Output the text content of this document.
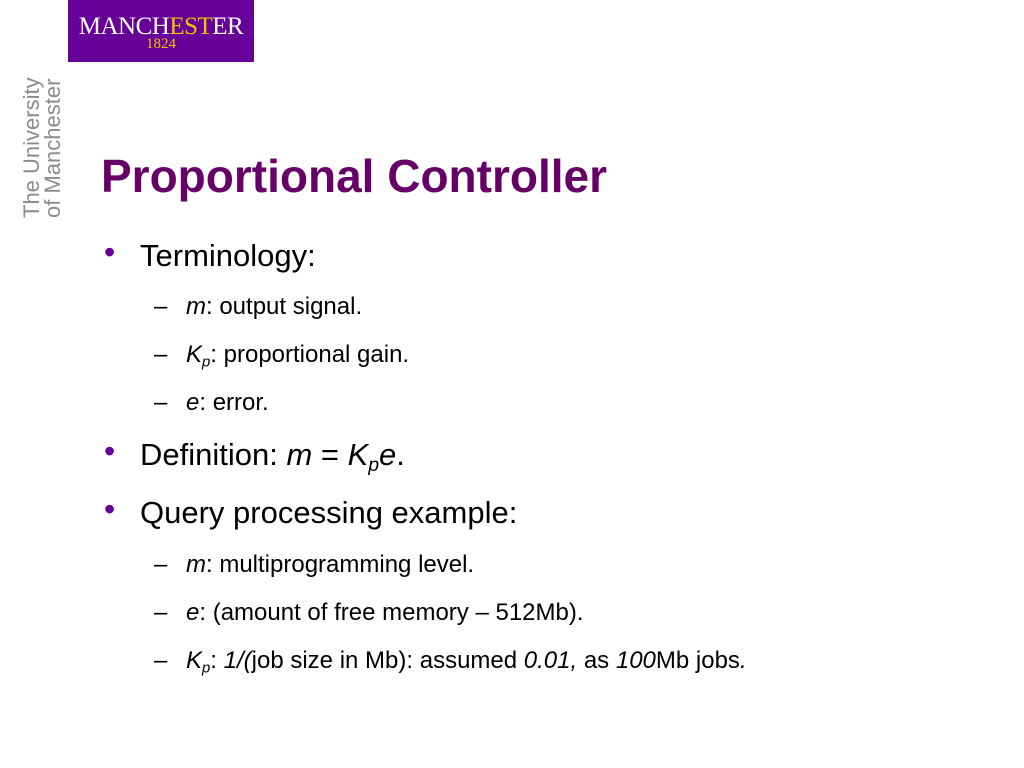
MANCHESTER
1824
The University
of Manchester Proportional Controller
• Terminology:
– m: output signal.
– $K_p$: proportional gain.
– e: error.
• Definition: $m = K_pe$.
• Query processing example:
– m: multiprogramming level.
– e: (amount of free memory – 512Mb).
– $K_p$: 1/(job size in Mb): assumed 0.01, as 100Mb jobs.
